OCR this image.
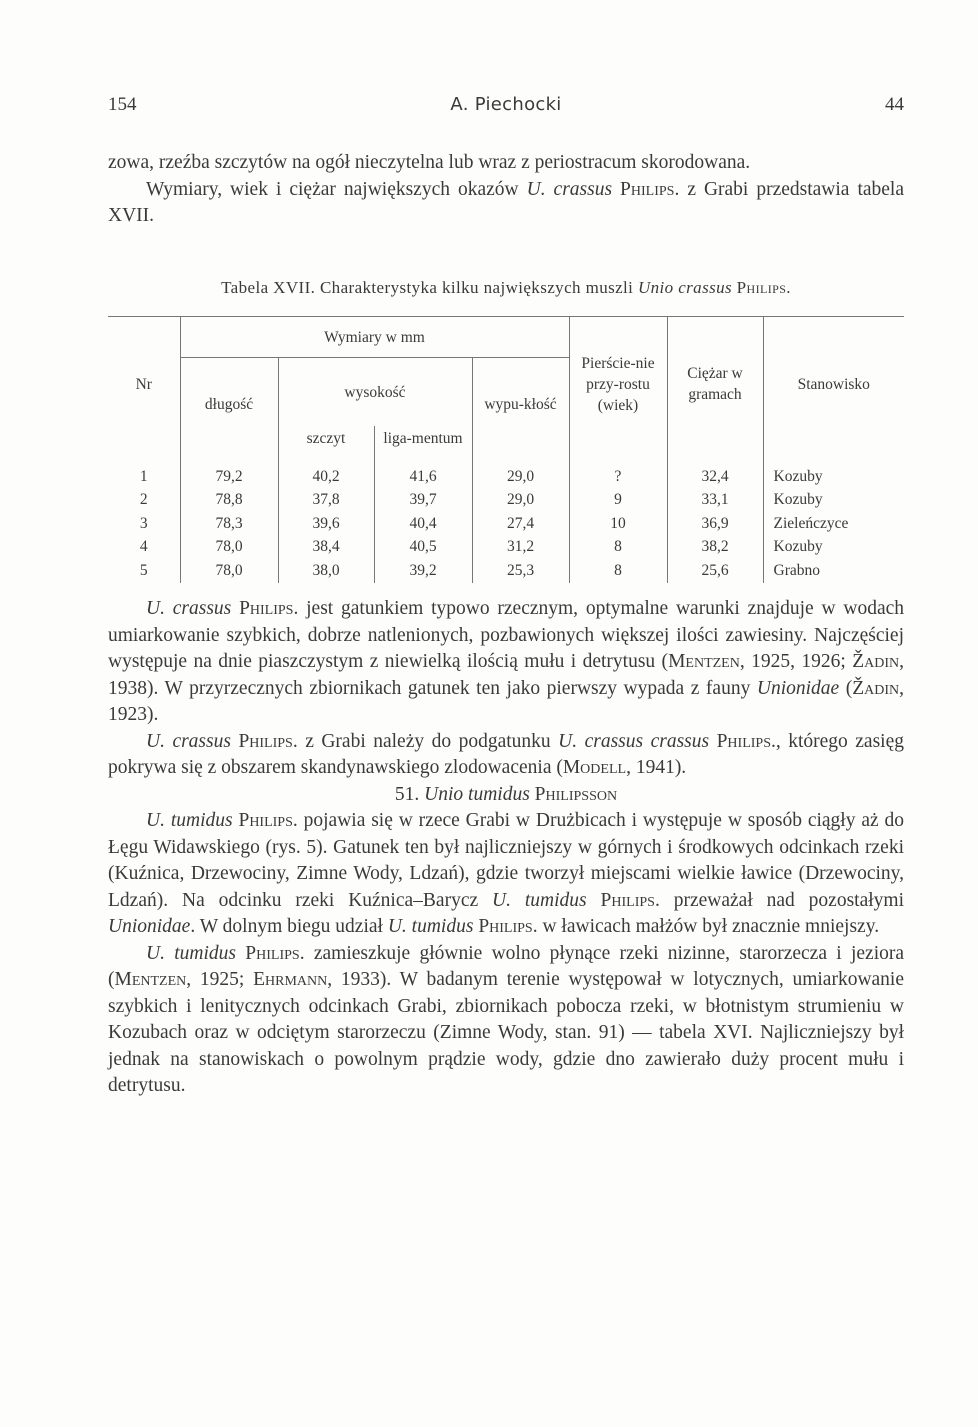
154	A. Piechocki	44

zowa, rzeźba szczytów na ogół nieczytelna lub wraz z periostracum skorodowana.

Wymiary, wiek i ciężar największych okazów U. crassus Philips. z Grabi przedstawia tabela XVII.

Tabela XVII. Charakterystyka kilku największych muszli Unio crassus Philips.
Nr	Wymiary w mm				Pierście-nie przy-rostu (wiek)	Ciężar w gramach	Stanowisko
	długość	wysokość		wypu-kłość			
		szczyt	liga-mentum				
1	79,2	40,2	41,6	29,0	?	32,4	Kozuby
2	78,8	37,8	39,7	29,0	9	33,1	Kozuby
3	78,3	39,6	40,4	27,4	10	36,9	Zieleńczyce
4	78,0	38,4	40,5	31,2	8	38,2	Kozuby
5	78,0	38,0	39,2	25,3	8	25,6	Grabno

U. crassus Philips. jest gatunkiem typowo rzecznym, optymalne warunki znajduje w wodach umiarkowanie szybkich, dobrze natlenionych, pozbawionych większej ilości zawiesiny. Najczęściej występuje na dnie piaszczystym z niewielką ilością mułu i detrytusu (Mentzen, 1925, 1926; Žadin, 1938). W przyrzecznych zbiornikach gatunek ten jako pierwszy wypada z fauny Unionidae (Žadin, 1923).

U. crassus Philips. z Grabi należy do podgatunku U. crassus crassus Philips., którego zasięg pokrywa się z obszarem skandynawskiego zlodowacenia (Modell, 1941).

51. Unio tumidus Philipsson

U. tumidus Philips. pojawia się w rzece Grabi w Drużbicach i występuje w sposób ciągły aż do Łęgu Widawskiego (rys. 5). Gatunek ten był najliczniejszy w górnych i środkowych odcinkach rzeki (Kuźnica, Drzewociny, Zimne Wody, Ldzań), gdzie tworzył miejscami wielkie ławice (Drzewociny, Ldzań). Na odcinku rzeki Kuźnica–Barycz U. tumidus Philips. przeważał nad pozostałymi Unionidae. W dolnym biegu udział U. tumidus Philips. w ławicach małżów był znacznie mniejszy.

U. tumidus Philips. zamieszkuje głównie wolno płynące rzeki nizinne, starorzecza i jeziora (Mentzen, 1925; Ehrmann, 1933). W badanym terenie występował w lotycznych, umiarkowanie szybkich i lenitycznych odcinkach Grabi, zbiornikach pobocza rzeki, w błotnistym strumieniu w Kozubach oraz w odciętym starorzeczu (Zimne Wody, stan. 91) — tabela XVI. Najliczniejszy był jednak na stanowiskach o powolnym prądzie wody, gdzie dno zawierało duży procent mułu i detrytusu.
